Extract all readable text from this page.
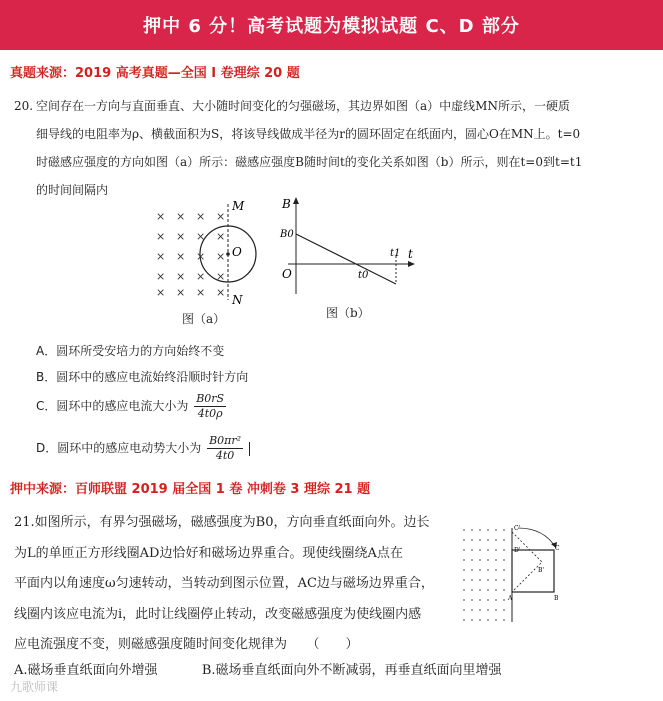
押中 6 分！高考试题为模拟试题 C、D 部分
真题来源：2019 高考真题—全国 Ⅰ 卷理综 20 题

20. 空间存在一方向与直面垂直、大小随时间变化的匀强磁场，其边界如图（a）中虚线MN所示，一硬质

细导线的电阻率为ρ、横截面积为S，将该导线做成半径为r的圆环固定在纸面内，圆心O在MN上。t=0

时磁感应强度的方向如图（a）所示：磁感应强度B随时间t的变化关系如图（b）所示，则在t=0到t=t1

的时间间隔内

× × × ×
× × × ×
× × × ×
× × × ×
× × × ×
M
N
O
图（a）
B
B0
O
t
t0
t1
图（b）
A．圆环所受安培力的方向始终不变
B．圆环中的感应电流始终沿顺时针方向
C．圆环中的感应电流大小为 $\frac{B0rS}{4t0\rho}$
D．圆环中的感应电动势大小为 $\frac{\text{B0πr²}}{4t0}$

押中来源：百师联盟 2019 届全国 1 卷 冲刺卷 3 理综 21 题

21.如图所示，有界匀强磁场，磁感强度为B0，方向垂直纸面向外。边长

为L的单匝正方形线圈AD边恰好和磁场边界重合。现使线圈绕A点在

平面内以角速度ω匀速转动，当转动到图示位置，AC边与磁场边界重合，

线圈内该应电流为i，此时让线圈停止转动，改变磁感强度为使线圈内感

应电流强度不变，则磁感强度随时间变化规律为　　（　　）

A.磁场垂直纸面向外增强	B.磁场垂直纸面向外不断减弱，再垂直纸面向里增强
C'
D'	C
B'
A	B
九歌师课
